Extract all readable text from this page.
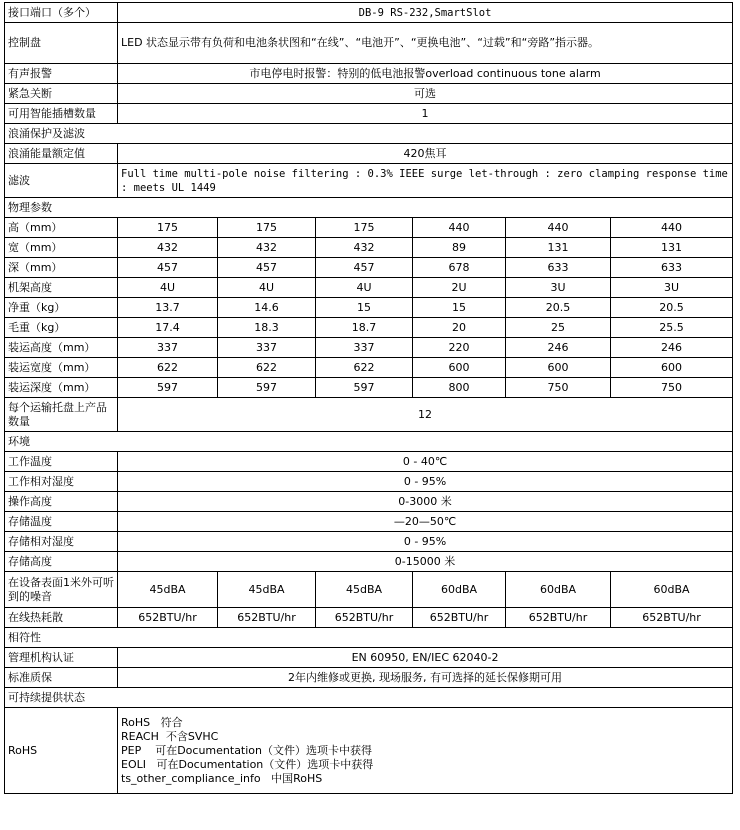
接口端口（多个）	DB-9 RS-232,SmartSlot					
控制盘	LED 状态显示带有负荷和电池条状图和“在线”、“电池开”、“更换电池”、“过载”和“旁路”指示器。					
有声报警	市电停电时报警：特别的低电池报警overload continuous tone alarm					
紧急关断	可选					
可用智能插槽数量	1					
浪涌保护及滤波						
浪涌能量额定值	420焦耳					
滤波	Full time multi-pole noise filtering : 0.3% IEEE surge let-through : zero clamping response time : meets UL 1449					
物理参数						
高（mm）	175	175	175	440	440	440
宽（mm）	432	432	432	89	131	131
深（mm）	457	457	457	678	633	633
机架高度	4U	4U	4U	2U	3U	3U
净重（kg）	13.7	14.6	15	15	20.5	20.5
毛重（kg）	17.4	18.3	18.7	20	25	25.5
装运高度（mm）	337	337	337	220	246	246
装运宽度（mm）	622	622	622	600	600	600
装运深度（mm）	597	597	597	800	750	750
每个运输托盘上产品数量	12					
环境						
工作温度	0 - 40℃					
工作相对湿度	0 - 95%					
操作高度	0-3000 米					
存储温度	—20—50℃					
存储相对湿度	0 - 95%					
存储高度	0-15000 米					
在设备表面1米外可听到的噪音	45dBA	45dBA	45dBA	60dBA	60dBA	60dBA
在线热耗散	652BTU/hr	652BTU/hr	652BTU/hr	652BTU/hr	652BTU/hr	652BTU/hr
相符性						
管理机构认证	EN 60950, EN/IEC 62040-2					
标准质保	2年内维修或更换, 现场服务, 有可选择的延长保修期可用					
可持续提供状态						
RoHS	RoHS   符合
REACH  不含SVHC
PEP    可在Documentation（文件）选项卡中获得
EOLI   可在Documentation（文件）选项卡中获得
ts_other_compliance_info   中国RoHS					
